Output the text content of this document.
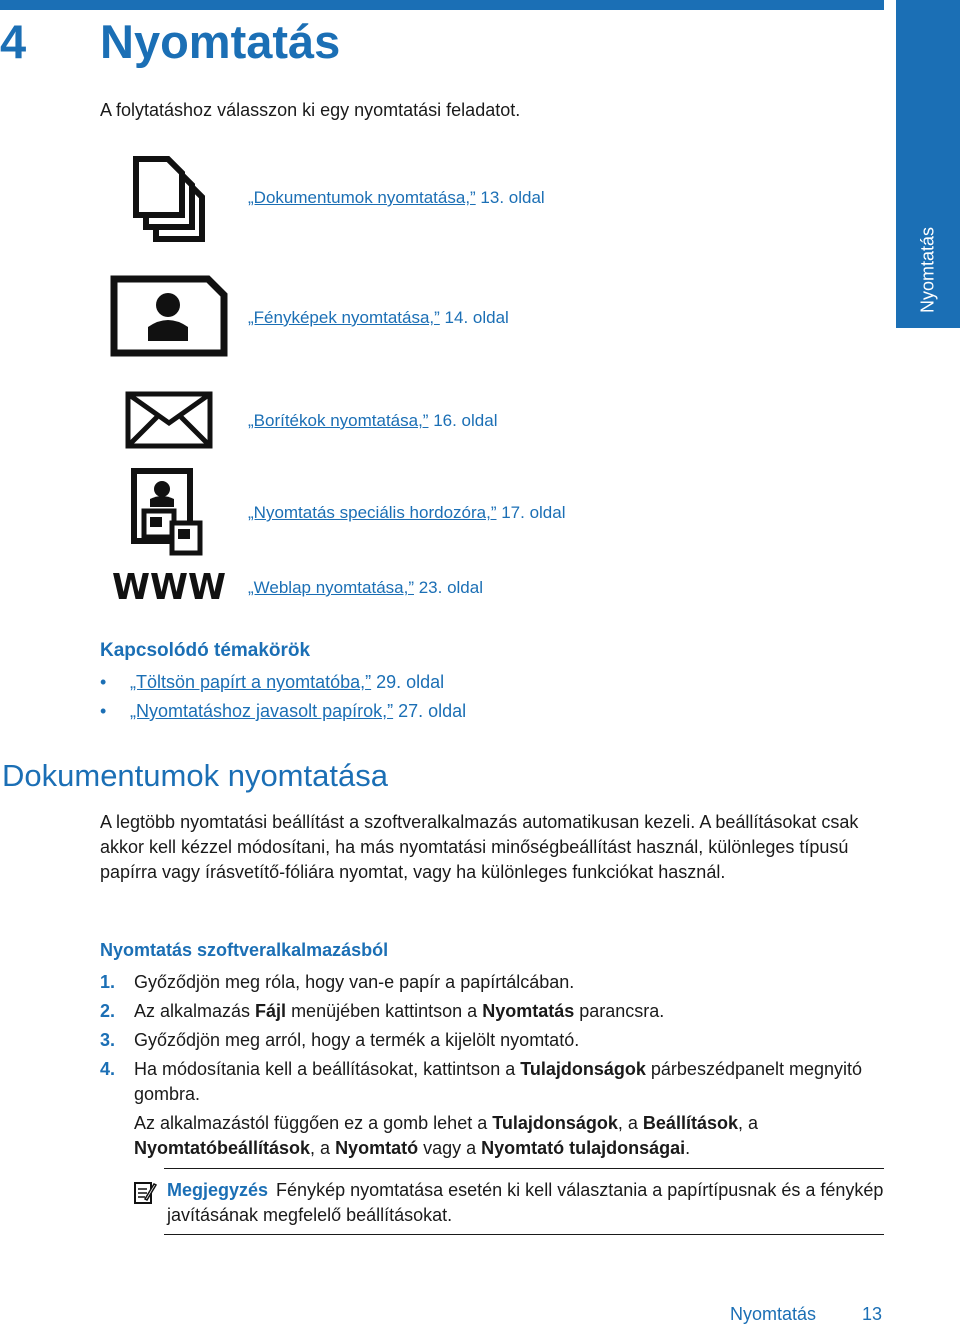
4 Nyomtatás
Nyomtatás
A folytatáshoz válasszon ki egy nyomtatási feladatot.
„Dokumentumok nyomtatása,” 13. oldal
„Fényképek nyomtatása,” 14. oldal
„Borítékok nyomtatása,” 16. oldal
„Nyomtatás speciális hordozóra,” 17. oldal
WWW „Weblap nyomtatása,” 23. oldal
Kapcsolódó témakörök
• „Töltsön papírt a nyomtatóba,” 29. oldal
• „Nyomtatáshoz javasolt papírok,” 27. oldal
Dokumentumok nyomtatása
A legtöbb nyomtatási beállítást a szoftveralkalmazás automatikusan kezeli. A beállításokat csak akkor kell kézzel módosítani, ha más nyomtatási minőségbeállítást használ, különleges típusú papírra vagy írásvetítő-fóliára nyomtat, vagy ha különleges funkciókat használ.
Nyomtatás szoftveralkalmazásból
1. Győződjön meg róla, hogy van-e papír a papírtálcában.

2. Az alkalmazás Fájl menüjében kattintson a Nyomtatás parancsra.

3. Győződjön meg arról, hogy a termék a kijelölt nyomtató.

4. Ha módosítania kell a beállításokat, kattintson a Tulajdonságok párbeszédpanelt megnyitó gombra.

Az alkalmazástól függően ez a gomb lehet a Tulajdonságok, a Beállítások, a Nyomtatóbeállítások, a Nyomtató vagy a Nyomtató tulajdonságai.

Megjegyzés Fénykép nyomtatása esetén ki kell választania a papírtípusnak és a fénykép javításának megfelelő beállításokat.
Nyomtatás	13
